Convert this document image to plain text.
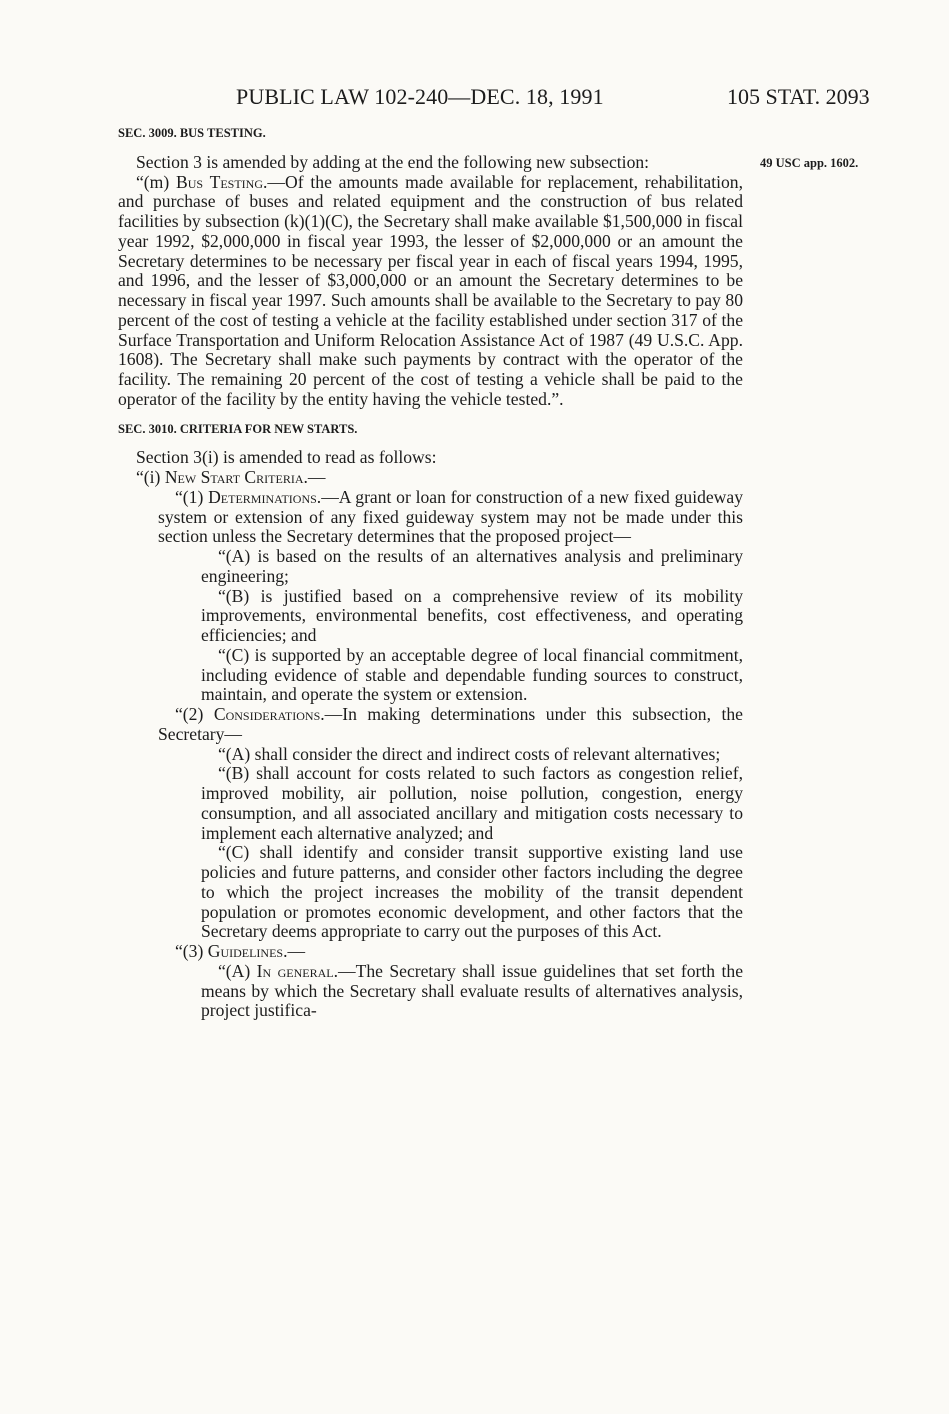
PUBLIC LAW 102-240—DEC. 18, 1991	105 STAT. 2093
49 USC app. 1602.

SEC. 3009. BUS TESTING.

Section 3 is amended by adding at the end the following new subsection:

“(m) Bus Testing.—Of the amounts made available for replacement, rehabilitation, and purchase of buses and related equipment and the construction of bus related facilities by subsection (k)(1)(C), the Secretary shall make available $1,500,000 in fiscal year 1992, $2,000,000 in fiscal year 1993, the lesser of $2,000,000 or an amount the Secretary determines to be necessary per fiscal year in each of fiscal years 1994, 1995, and 1996, and the lesser of $3,000,000 or an amount the Secretary determines to be necessary in fiscal year 1997. Such amounts shall be available to the Secretary to pay 80 percent of the cost of testing a vehicle at the facility established under section 317 of the Surface Transportation and Uniform Relocation Assistance Act of 1987 (49 U.S.C. App. 1608). The Secretary shall make such payments by contract with the operator of the facility. The remaining 20 percent of the cost of testing a vehicle shall be paid to the operator of the facility by the entity having the vehicle tested.”.

SEC. 3010. CRITERIA FOR NEW STARTS.

Section 3(i) is amended to read as follows:

“(i) New Start Criteria.—

“(1) Determinations.—A grant or loan for construction of a new fixed guideway system or extension of any fixed guideway system may not be made under this section unless the Secretary determines that the proposed project—

“(A) is based on the results of an alternatives analysis and preliminary engineering;

“(B) is justified based on a comprehensive review of its mobility improvements, environmental benefits, cost effectiveness, and operating efficiencies; and

“(C) is supported by an acceptable degree of local financial commitment, including evidence of stable and dependable funding sources to construct, maintain, and operate the system or extension.

“(2) Considerations.—In making determinations under this subsection, the Secretary—

“(A) shall consider the direct and indirect costs of relevant alternatives;

“(B) shall account for costs related to such factors as congestion relief, improved mobility, air pollution, noise pollution, congestion, energy consumption, and all associated ancillary and mitigation costs necessary to implement each alternative analyzed; and

“(C) shall identify and consider transit supportive existing land use policies and future patterns, and consider other factors including the degree to which the project increases the mobility of the transit dependent population or promotes economic development, and other factors that the Secretary deems appropriate to carry out the purposes of this Act.

“(3) Guidelines.—

“(A) In general.—The Secretary shall issue guidelines that set forth the means by which the Secretary shall evaluate results of alternatives analysis, project justifica-
